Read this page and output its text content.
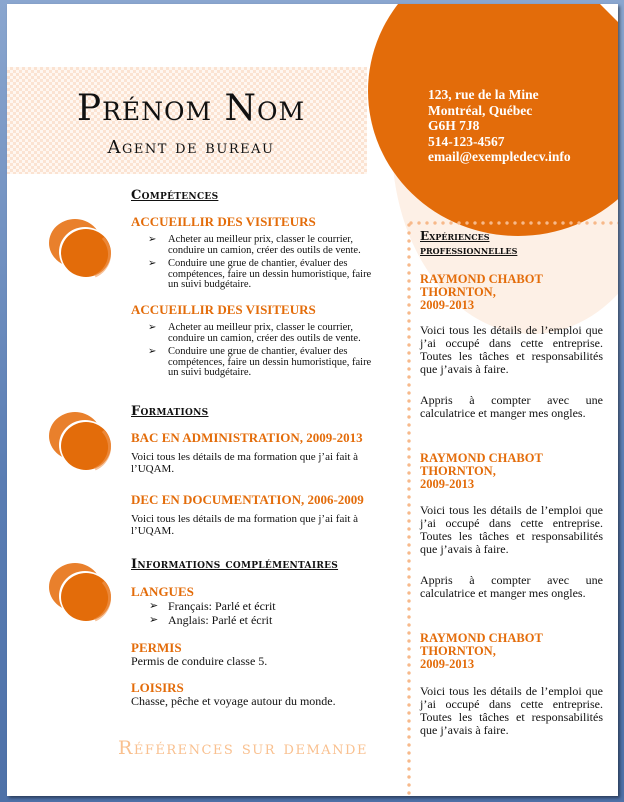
Prénom Nom
Agent de bureau
123, rue de la Mine
Montréal, Québec
G6H 7J8
514-123-4567
email@exempledecv.info
Compétences
ACCUEILLIR DES VISITEURS
➢ Acheter au meilleur prix, classer le courrier, conduire un camion, créer des outils de vente.
➢ Conduire une grue de chantier, évaluer des compétences, faire un dessin humoristique, faire un suivi budgétaire.
ACCUEILLIR DES VISITEURS
➢ Acheter au meilleur prix, classer le courrier, conduire un camion, créer des outils de vente.
➢ Conduire une grue de chantier, évaluer des compétences, faire un dessin humoristique, faire un suivi budgétaire.
Formations
BAC EN ADMINISTRATION, 2009-2013
Voici tous les détails de ma formation que j’ai fait à l’UQAM.
DEC EN DOCUMENTATION, 2006-2009
Voici tous les détails de ma formation que j’ai fait à l’UQAM.
Informations complémentaires
LANGUES
➢ Français: Parlé et écrit
➢ Anglais: Parlé et écrit
PERMIS
Permis de conduire classe 5.
LOISIRS
Chasse, pêche et voyage autour du monde.
Références sur demande
Expériences
professionnelles
RAYMOND CHABOT
THORNTON,
2009-2013
Voici tous les détails de l’emploi que j’ai occupé dans cette entreprise. Toutes les tâches et responsabilités que j’avais à faire.
Appris à compter avec une calculatrice et manger mes ongles.
RAYMOND CHABOT
THORNTON,
2009-2013
Voici tous les détails de l’emploi que j’ai occupé dans cette entreprise. Toutes les tâches et responsabilités que j’avais à faire.
Appris à compter avec une calculatrice et manger mes ongles.
RAYMOND CHABOT
THORNTON,
2009-2013
Voici tous les détails de l’emploi que j’ai occupé dans cette entreprise. Toutes les tâches et responsabilités que j’avais à faire.
